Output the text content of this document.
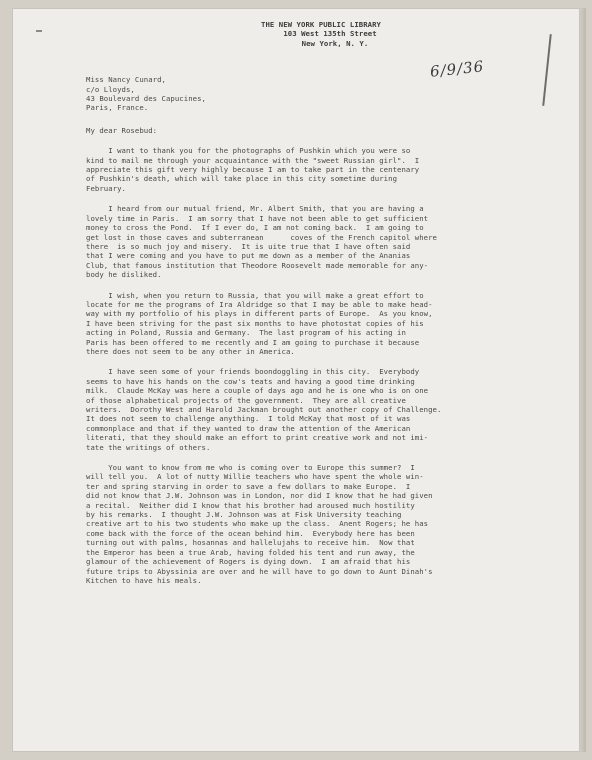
6/9/36
THE NEW YORK PUBLIC LIBRARY
103 West 135th Street
New York, N. Y.
Miss Nancy Cunard,
c/o Lloyds,
43 Boulevard des Capucines,
Paris, France.
My dear Rosebud:
I want to thank you for the photographs of Pushkin which you were so
kind to mail me through your acquaintance with the "sweet Russian girl".  I
appreciate this gift very highly because I am to take part in the centenary
of Pushkin's death, which will take place in this city sometime during
February.
I heard from our mutual friend, Mr. Albert Smith, that you are having a
lovely time in Paris.  I am sorry that I have not been able to get sufficient
money to cross the Pond.  If I ever do, I am not coming back.  I am going to
get lost in those caves and subterranean      coves of the French capitol where
there  is so much joy and misery.  It is uite true that I have often said
that I were coming and you have to put me down as a member of the Ananias
Club, that famous institution that Theodore Roosevelt made memorable for any-
body he disliked.
I wish, when you return to Russia, that you will make a great effort to
locate for me the programs of Ira Aldridge so that I may be able to make head-
way with my portfolio of his plays in different parts of Europe.  As you know,
I have been striving for the past six months to have photostat copies of his
acting in Poland, Russia and Germany.  The last program of his acting in
Paris has been offered to me recently and I am going to purchase it because
there does not seem to be any other in America.
I have seen some of your friends boondoggling in this city.  Everybody
seems to have his hands on the cow's teats and having a good time drinking
milk.  Claude McKay was here a couple of days ago and he is one who is on one
of those alphabetical projects of the government.  They are all creative
writers.  Dorothy West and Harold Jackman brought out another copy of Challenge.
It does not seem to challenge anything.  I told McKay that most of it was
commonplace and that if they wanted to draw the attention of the American
literati, that they should make an effort to print creative work and not imi-
tate the writings of others.
You want to know from me who is coming over to Europe this summer?  I
will tell you.  A lot of nutty Willie teachers who have spent the whole win-
ter and spring starving in order to save a few dollars to make Europe.  I
did not know that J.W. Johnson was in London, nor did I know that he had given
a recital.  Neither did I know that his brother had aroused much hostility
by his remarks.  I thought J.W. Johnson was at Fisk University teaching
creative art to his two students who make up the class.  Anent Rogers; he has
come back with the force of the ocean behind him.  Everybody here has been
turning out with palms, hosannas and hallelujahs to receive him.  Now that
the Emperor has been a true Arab, having folded his tent and run away, the
glamour of the achievement of Rogers is dying down.  I am afraid that his
future trips to Abyssinia are over and he will have to go down to Aunt Dinah's
Kitchen to have his meals.
